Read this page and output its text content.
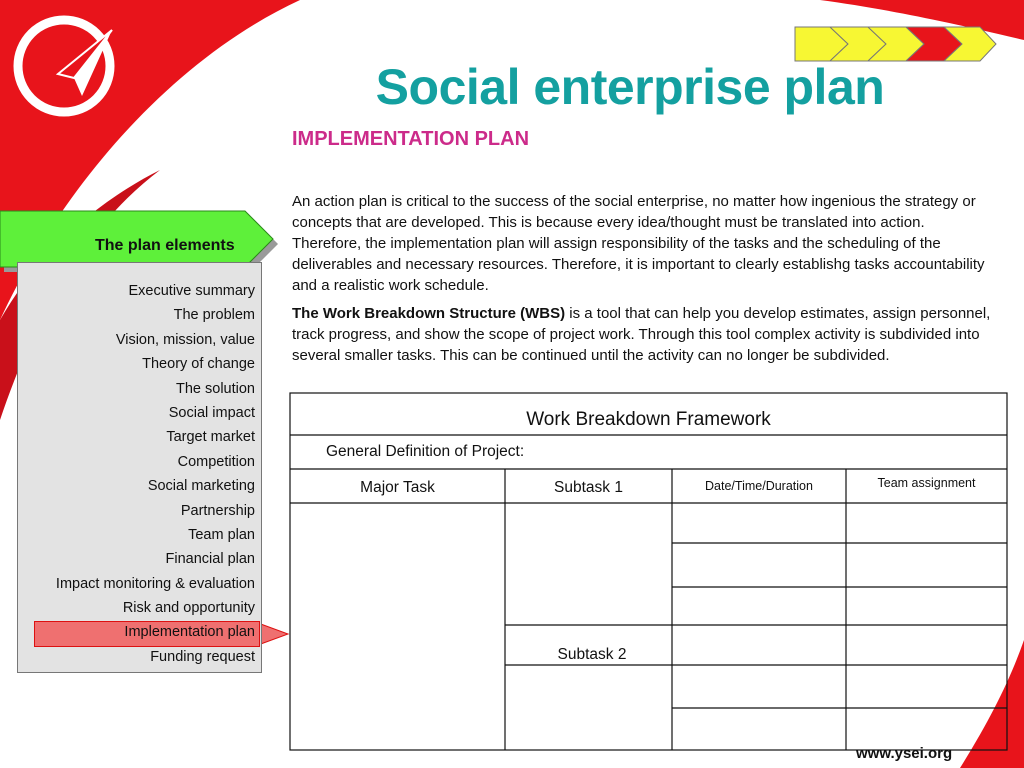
Social enterprise plan
IMPLEMENTATION PLAN
An action plan is critical to the success of the social enterprise, no matter how ingenious the strategy or concepts that are developed. This is because every idea/thought must be translated into action. Therefore, the implementation plan will assign responsibility of the tasks and the scheduling of the deliverables and necessary resources. Therefore, it is important to clearly establishg tasks accountability and a realistic work schedule.
The Work Breakdown Structure (WBS) is a tool that can help you develop estimates, assign personnel, track progress, and show the scope of project work. Through this tool complex activity is subdivided into several smaller tasks. This can be continued until the activity can no longer be subdivided.
The plan elements
Executive summary
The problem
Vision, mission, value
Theory of change
The solution
Social impact
Target market
Competition
Social marketing
Partnership
Team plan
Financial plan
Impact monitoring & evaluation
Risk and opportunity
Implementation plan
Funding request
Work Breakdown Framework
General Definition of Project:
Major Task	Subtask 1	Date/Time/Duration	Team assignment
Subtask 2
www.ysei.org
